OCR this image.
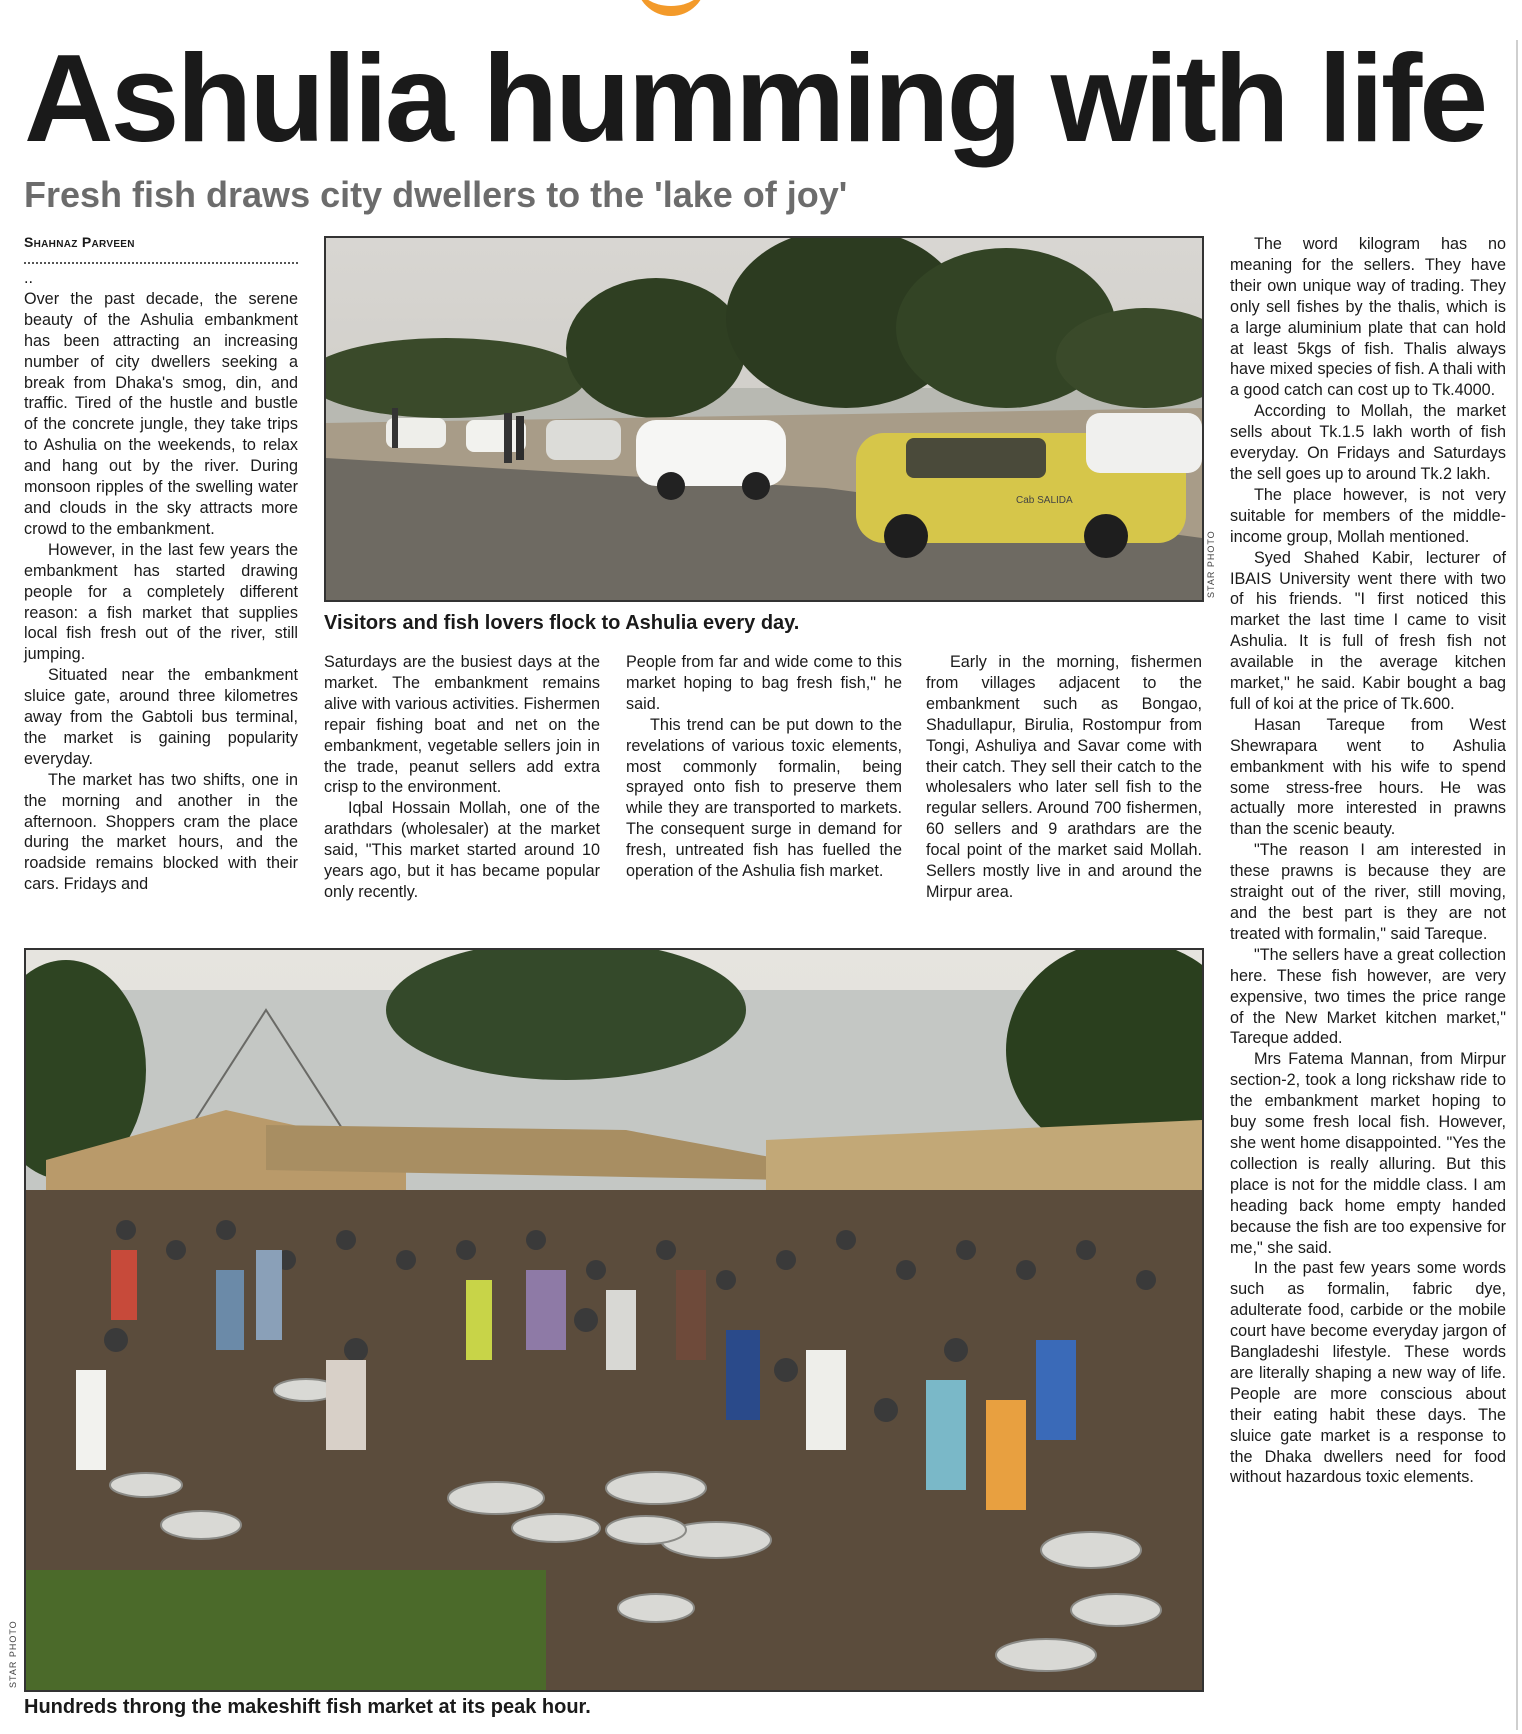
Ashulia humming with life
Fresh fish draws city dwellers to the 'lake of joy'
Shahnaz Parveen

..

Over the past decade, the serene beauty of the Ashulia embankment has been attracting an increasing number of city dwellers seeking a break from Dhaka's smog, din, and traffic. Tired of the hustle and bustle of the concrete jungle, they take trips to Ashulia on the weekends, to relax and hang out by the river. During monsoon ripples of the swelling water and clouds in the sky attracts more crowd to the embankment.

However, in the last few years the embankment has started drawing people for a completely different reason: a fish market that supplies local fish fresh out of the river, still jumping.

Situated near the embankment sluice gate, around three kilometres away from the Gabtoli bus terminal, the market is gaining popularity everyday.

The market has two shifts, one in the morning and another in the afternoon. Shoppers cram the place during the market hours, and the roadside remains blocked with their cars. Fridays and

Cab SALIDA
STAR PHOTO
Visitors and fish lovers flock to Ashulia every day.

Saturdays are the busiest days at the market. The embankment remains alive with various activities. Fishermen repair fishing boat and net on the embankment, vegetable sellers join in the trade, peanut sellers add extra crisp to the environment.

Iqbal Hossain Mollah, one of the arathdars (wholesaler) at the market said, "This market started around 10 years ago, but it has became popular only recently.

People from far and wide come to this market hoping to bag fresh fish," he said.

This trend can be put down to the revelations of various toxic elements, most commonly formalin, being sprayed onto fish to preserve them while they are transported to markets. The consequent surge in demand for fresh, untreated fish has fuelled the operation of the Ashulia fish market.

Early in the morning, fishermen from villages adjacent to the embankment such as Bongao, Shadullapur, Birulia, Rostompur from Tongi, Ashuliya and Savar come with their catch. They sell their catch to the wholesalers who later sell fish to the regular sellers. Around 700 fishermen, 60 sellers and 9 arathdars are the focal point of the market said Mollah. Sellers mostly live in and around the Mirpur area.

The word kilogram has no meaning for the sellers. They have their own unique way of trading. They only sell fishes by the thalis, which is a large aluminium plate that can hold at least 5kgs of fish. Thalis always have mixed species of fish. A thali with a good catch can cost up to Tk.4000.

According to Mollah, the market sells about Tk.1.5 lakh worth of fish everyday. On Fridays and Saturdays the sell goes up to around Tk.2 lakh.

The place however, is not very suitable for members of the middle-income group, Mollah mentioned.

Syed Shahed Kabir, lecturer of IBAIS University went there with two of his friends. "I first noticed this market the last time I came to visit Ashulia. It is full of fresh fish not available in the average kitchen market," he said. Kabir bought a bag full of koi at the price of Tk.600.

Hasan Tareque from West Shewrapara went to Ashulia embankment with his wife to spend some stress-free hours. He was actually more interested in prawns than the scenic beauty.

"The reason I am interested in these prawns is because they are straight out of the river, still moving, and the best part is they are not treated with formalin," said Tareque.

"The sellers have a great collection here. These fish however, are very expensive, two times the price range of the New Market kitchen market," Tareque added.

Mrs Fatema Mannan, from Mirpur section-2, took a long rickshaw ride to the embankment market hoping to buy some fresh local fish. However, she went home disappointed. "Yes the collection is really alluring. But this place is not for the middle class. I am heading back home empty handed because the fish are too expensive for me," she said.

In the past few years some words such as formalin, fabric dye, adulterate food, carbide or the mobile court have become everyday jargon of Bangladeshi lifestyle. These words are literally shaping a new way of life. People are more conscious about their eating habit these days. The sluice gate market is a response to the Dhaka dwellers need for food without hazardous toxic elements.

STAR PHOTO
Hundreds throng the makeshift fish market at its peak hour.
